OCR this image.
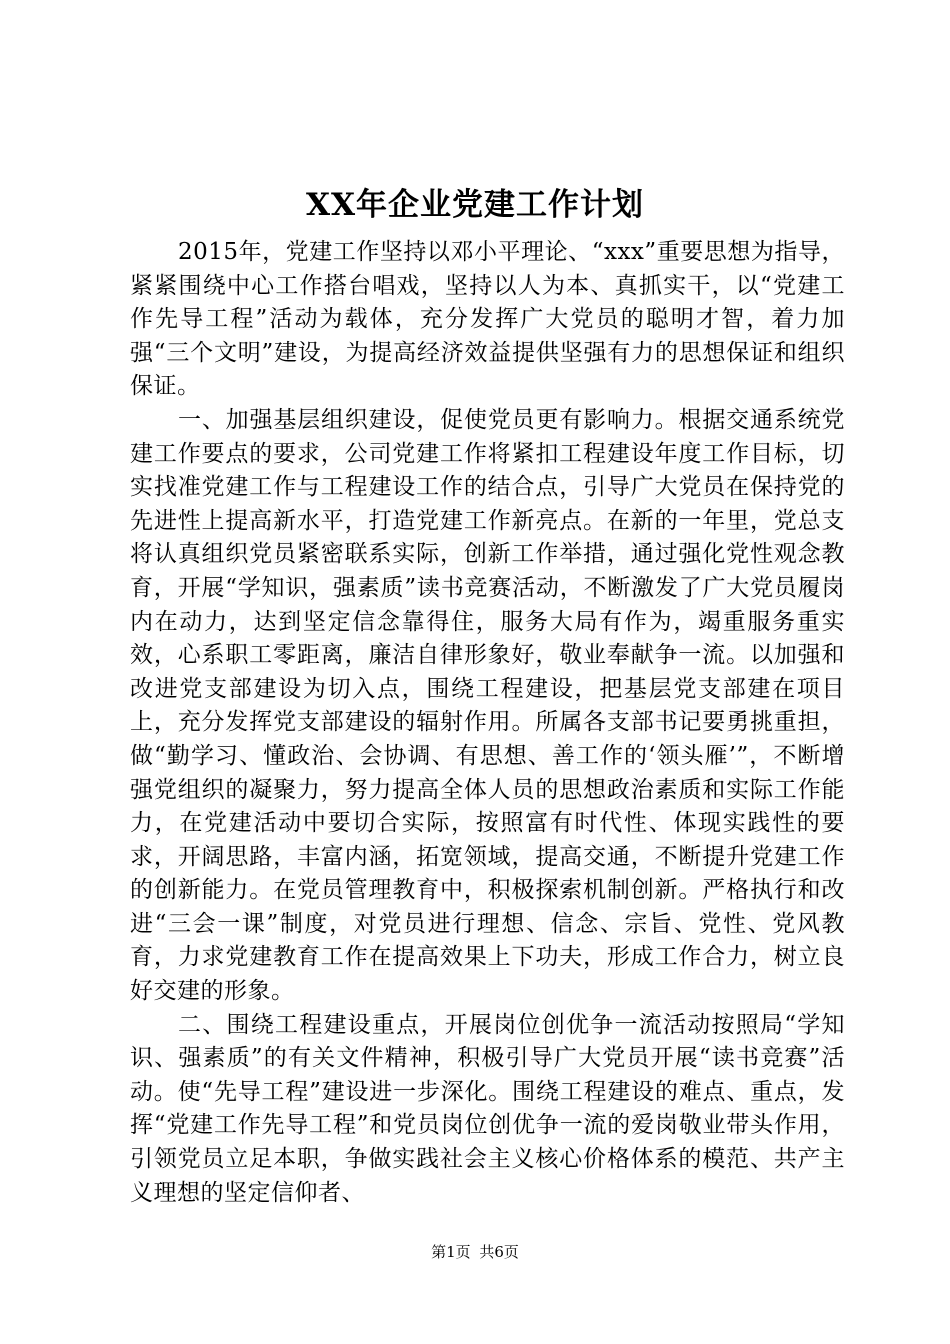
XX年企业党建工作计划

2015年，党建工作坚持以邓小平理论、“xxx”重要思想为指导，紧紧围绕中心工作搭台唱戏，坚持以人为本、真抓实干，以“党建工作先导工程”活动为载体，充分发挥广大党员的聪明才智，着力加强“三个文明”建设，为提高经济效益提供坚强有力的思想保证和组织保证。

一、加强基层组织建设，促使党员更有影响力。根据交通系统党建工作要点的要求，公司党建工作将紧扣工程建设年度工作目标，切实找准党建工作与工程建设工作的结合点，引导广大党员在保持党的先进性上提高新水平，打造党建工作新亮点。在新的一年里，党总支将认真组织党员紧密联系实际，创新工作举措，通过强化党性观念教育，开展“学知识，强素质”读书竞赛活动，不断激发了广大党员履岗内在动力，达到坚定信念靠得住，服务大局有作为，竭重服务重实效，心系职工零距离，廉洁自律形象好，敬业奉献争一流。以加强和改进党支部建设为切入点，围绕工程建设，把基层党支部建在项目上，充分发挥党支部建设的辐射作用。所属各支部书记要勇挑重担，做“勤学习、懂政治、会协调、有思想、善工作的‘领头雁’”，不断增强党组织的凝聚力，努力提高全体人员的思想政治素质和实际工作能力，在党建活动中要切合实际，按照富有时代性、体现实践性的要求，开阔思路，丰富内涵，拓宽领域，提高交通，不断提升党建工作的创新能力。在党员管理教育中，积极探索机制创新。严格执行和改进“三会一课”制度，对党员进行理想、信念、宗旨、党性、党风教育，力求党建教育工作在提高效果上下功夫，形成工作合力，树立良好交建的形象。

二、围绕工程建设重点，开展岗位创优争一流活动按照局“学知识、强素质”的有关文件精神，积极引导广大党员开展“读书竞赛”活动。使“先导工程”建设进一步深化。围绕工程建设的难点、重点，发挥“党建工作先导工程”和党员岗位创优争一流的爱岗敬业带头作用，引领党员立足本职，争做实践社会主义核心价格体系的模范、共产主义理想的坚定信仰者、

第1页 共6页
